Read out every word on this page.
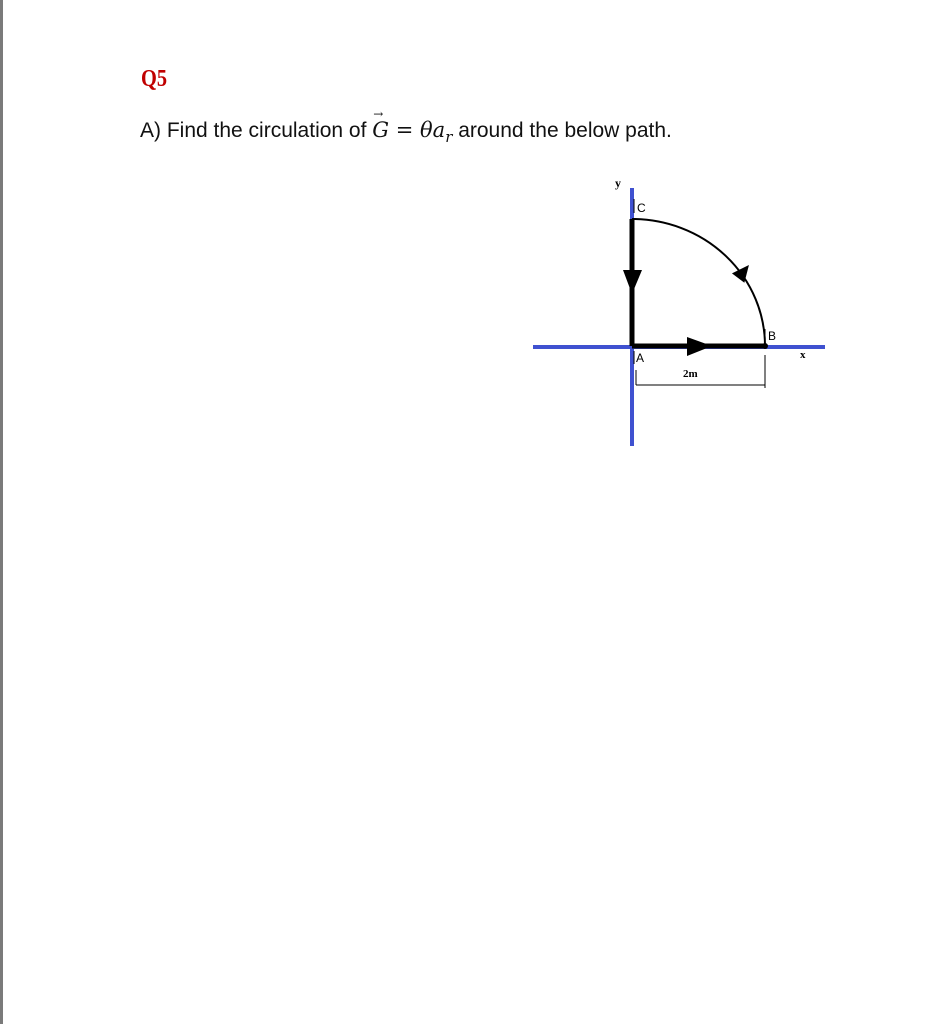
Q5
A) Find the circulation of G
→
= $\theta a_r$ around the below path.
y
x
C
A
B
2m
